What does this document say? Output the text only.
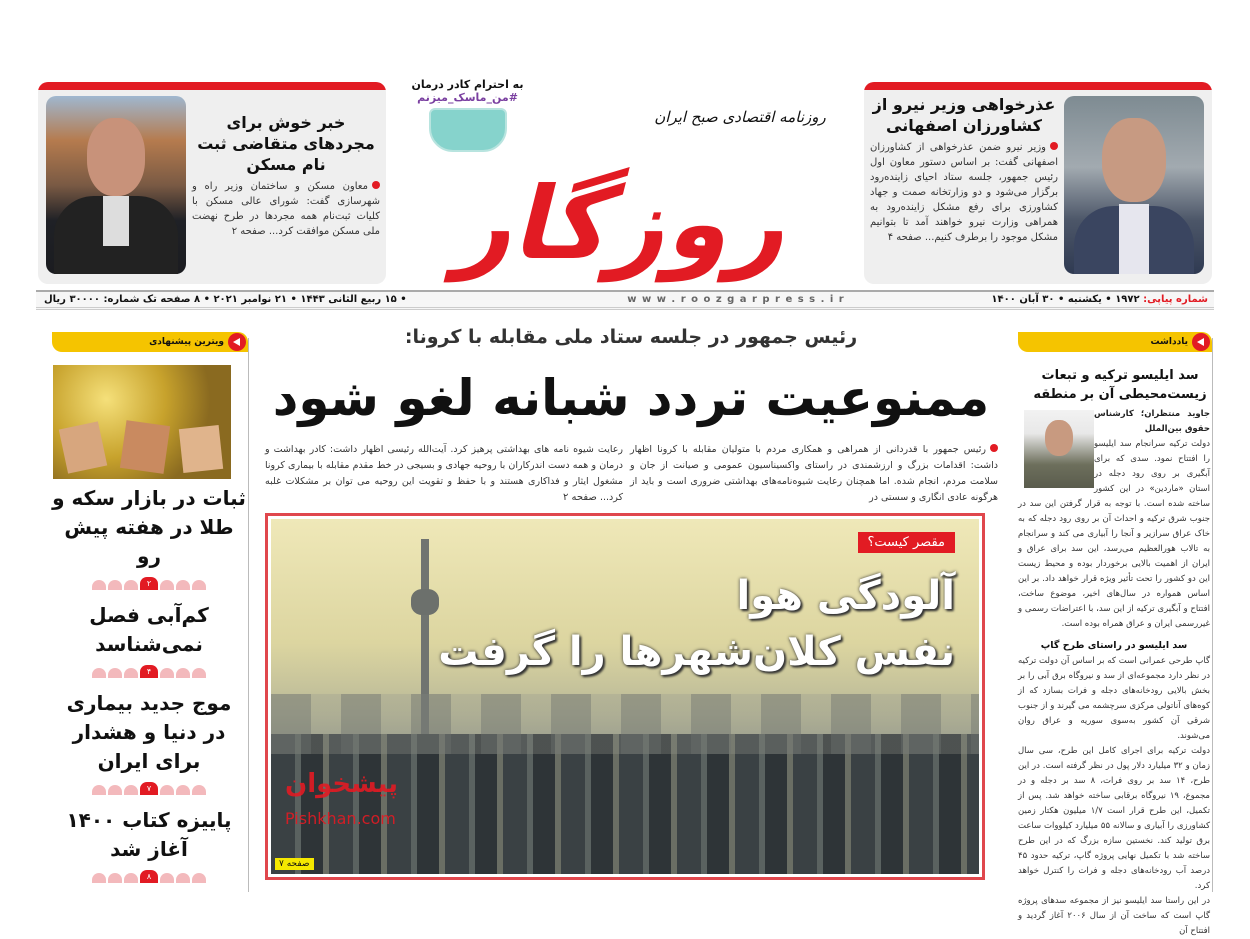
عذرخواهی وزیر نیرو از کشاورزان اصفهانی
وزیر نیرو ضمن عذرخواهی از کشاورزان اصفهانی گفت: بر اساس دستور معاون اول رئیس جمهور، جلسه ستاد احیای زاینده‌رود برگزار می‌شود و دو وزارتخانه صمت و جهاد کشاورزی برای رفع مشکل زاینده‌رود به همراهی وزارت نیرو خواهند آمد تا بتوانیم مشکل موجود را برطرف کنیم... صفحه ۴
خبر خوش برای مجردهای متقاضی ثبت نام مسکن
معاون مسکن و ساختمان وزیر راه و شهرسازی گفت: شورای عالی مسکن با کلیات ثبت‌نام همه مجردها در طرح نهضت ملی مسکن موافقت کرد... صفحه ۲
به احترام کادر درمان
#من_ماسک_میزنم
روزنامه اقتصادی صبح ایران
روزگار
شماره پیاپی: ۱۹۷۲ • یکشنبه • ۳۰ آبان ۱۴۰۰
• ۱۵ ربیع الثانی ۱۴۴۳ • ۲۱ نوامبر ۲۰۲۱ • ۸ صفحه تک شماره: ۳۰۰۰۰ ریال	w w w . r o o z g a r p r e s s . i r
رئیس جمهور در جلسه ستاد ملی مقابله با کرونا:
ممنوعیت تردد شبانه لغو شود
رئیس جمهور با قدردانی از همراهی و همکاری مردم با متولیان مقابله با کرونا اظهار داشت: اقدامات بزرگ و ارزشمندی در راستای واکسیناسیون عمومی و صیانت از جان و سلامت مردم، انجام شده. اما همچنان رعایت شیوه‌نامه‌های بهداشتی ضروری است و باید از هرگونه عادی انگاری و سستی در
رعایت شیوه نامه های بهداشتی پرهیز کرد. آیت‌الله رئیسی اظهار داشت: کادر بهداشت و درمان و همه دست اندرکاران با روحیه جهادی و بسیجی در خط مقدم مقابله با بیماری کرونا مشغول ایثار و فداکاری هستند و با حفظ و تقویت این روحیه می توان بر مشکلات غلبه کرد... صفحه ۲
مقصر کیست؟
آلودگی هوا
نفس کلان‌شهرها را گرفت
پیشخوان
Pishkhan.com
صفحه ۷
ویترین پیشنهادی
ثبات در بازار سکه و طلا در هفته پیش رو
۲
کم‌آبی فصل نمی‌شناسد
۴
موج جدید بیماری در دنیا و هشدار برای ایران
۷
پاییزه کتاب ۱۴۰۰ آغاز شد
۸
یادداشت
سد ایلیسو ترکیه و تبعات زیست‌محیطی آن بر منطقه
جاوید منتظران؛ کارشناس حقوق بین‌الملل
دولت ترکیه سرانجام سد ایلیسو را افتتاح نمود. سدی که برای آبگیری بر روی رود دجله در استان «ماردین» در این کشور ساخته شده است. با توجه به قرار گرفتن این سد در جنوب شرق ترکیه و احداث آن بر روی رود دجله که به خاک عراق سرازیر و آنجا را آبیاری می کند و سرانجام به تالاب هورالعظیم می‌رسد، این سد برای عراق و ایران از اهمیت بالایی برخوردار بوده و محیط زیست این دو کشور را تحت تأثیر ویژه قرار خواهد داد. بر این اساس همواره در سال‌های اخیر، موضوع ساخت، افتتاح و آبگیری ترکیه از این سد، با اعتراضات رسمی و غیررسمی ایران و عراق همراه بوده است.
سد ایلیسو در راستای طرح گاپ
گاپ طرحی عمرانی است که بر اساس آن دولت ترکیه در نظر دارد مجموعه‌ای از سد و نیروگاه برق آبی را بر بخش بالایی رودخانه‌های دجله و فرات بسازد که از کوه‌های آناتولی مرکزی سرچشمه می گیرند و از جنوب شرقی آن کشور به‌سوی سوریه و عراق روان می‌شوند.
دولت ترکیه برای اجرای کامل این طرح، سی سال زمان و ۳۲ میلیارد دلار پول در نظر گرفته است. در این طرح، ۱۴ سد بر روی فرات، ۸ سد بر دجله و در مجموع، ۱۹ نیروگاه برقابی ساخته خواهد شد. پس از تکمیل، این طرح قرار است ۱/۷ میلیون هکتار زمین کشاورزی را آبیاری و سالانه ۵۵ میلیارد کیلووات ساعت برق تولید کند. نخستین سازه بزرگ که در این طرح ساخته شد با تکمیل نهایی پروژه گاپ، ترکیه حدود ۴۵ درصد آب رودخانه‌های دجله و فرات را کنترل خواهد کرد.
در این راستا سد ایلیسو نیز از مجموعه سدهای پروژه گاپ است که ساخت آن از سال ۲۰۰۶ آغاز گردید و افتتاح آن
